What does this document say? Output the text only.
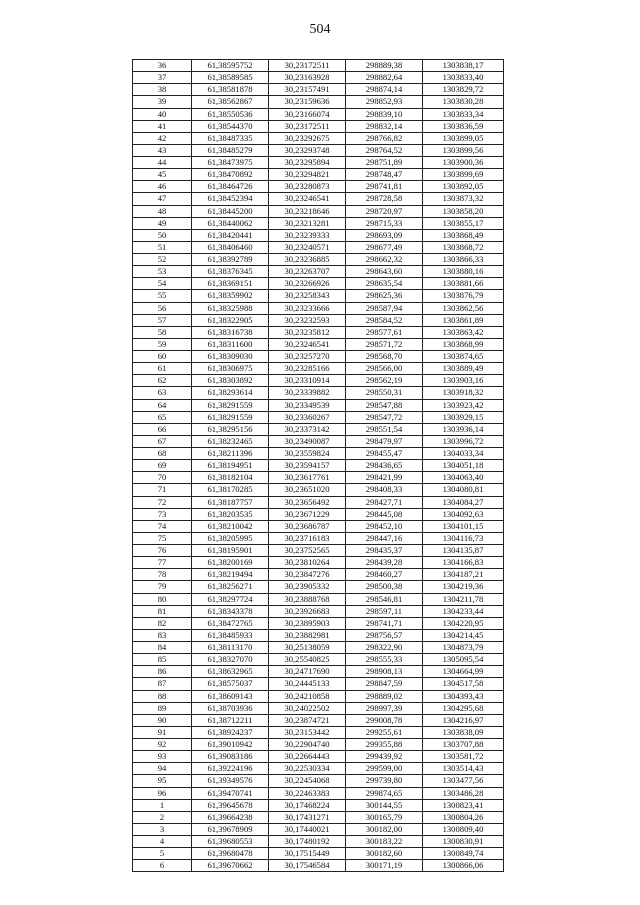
504
36	61,38595752	30,23172511	298889,38	1303838,17
37	61,38589585	30,23163928	298882,64	1303833,40
38	61,38581878	30,23157491	298874,14	1303829,72
39	61,38562867	30,23159636	298852,93	1303830,28
40	61,38550536	30,23166074	298839,10	1303833,34
41	61,38544370	30,23172511	298832,14	1303836,59
42	61,38487335	30,23292675	298766,82	1303899,05
43	61,38485279	30,23293748	298764,52	1303899,56
44	61,38473975	30,23295894	298751,89	1303900,36
45	61,38470892	30,23294821	298748,47	1303899,69
46	61,38464726	30,23280873	298741,81	1303892,05
47	61,38452394	30,23246541	298728,58	1303873,32
48	61,38445200	30,23218646	298720,97	1303858,20
49	61,38440062	30,23213281	298715,33	1303855,17
50	61,38420441	30,23239333	298693,09	1303868,49
51	61,38406460	30,23240571	298677,49	1303868,72
52	61,38392789	30,23236885	298662,32	1303866,33
53	61,38376345	30,23263707	298643,60	1303880,16
54	61,38369151	30,23266926	298635,54	1303881,66
55	61,38359902	30,23258343	298625,36	1303876,79
56	61,38325988	30,23233666	298587,94	1303862,56
57	61,38322905	30,23232593	298584,52	1303861,89
58	61,38316738	30,23235812	298577,61	1303863,42
59	61,38311600	30,23246541	298571,72	1303868,99
60	61,38309030	30,23257270	298568,70	1303874,65
61	61,38306975	30,23285166	298566,00	1303889,49
62	61,38303892	30,23310914	298562,19	1303903,16
63	61,38293614	30,23339882	298550,31	1303918,32
64	61,38291559	30,23349539	298547,88	1303923,42
65	61,38291559	30,23360267	298547,72	1303929,15
66	61,38295156	30,23373142	298551,54	1303936,14
67	61,38232465	30,23490087	298479,97	1303996,72
68	61,38211396	30,23559824	298455,47	1304033,34
69	61,38194951	30,23594157	298436,65	1304051,18
70	61,38182104	30,23617761	298421,99	1304063,40
71	61,38170285	30,23651020	298408,33	1304080,81
72	61,38187757	30,23656492	298427,71	1304084,27
73	61,38203535	30,23671229	298445,08	1304092,63
74	61,38210042	30,23686787	298452,10	1304101,15
75	61,38205995	30,23716183	298447,16	1304116,73
76	61,38195901	30,23752565	298435,37	1304135,87
77	61,38200169	30,23810264	298439,28	1304166,83
78	61,38219494	30,23847276	298460,27	1304187,21
79	61,38256271	30,23905332	298500,38	1304219,36
80	61,38297724	30,23888768	298546,81	1304211,78
81	61,38343378	30,23926683	298597,11	1304233,44
82	61,38472765	30,23895903	298741,71	1304220,95
83	61,38485933	30,23882981	298756,57	1304214,45
84	61,38113170	30,25138059	298322,90	1304873,79
85	61,38327070	30,25540825	298555,33	1305095,54
86	61,38632965	30,24717690	298908,13	1304664,99
87	61,38575037	30,24445133	298847,59	1304517,58
88	61,38609143	30,24210858	298889,02	1304393,43
89	61,38703936	30,24022502	298997,39	1304295,68
90	61,38712211	30,23874721	299008,78	1304216,97
91	61,38924237	30,23153442	299255,61	1303838,09
92	61,39010942	30,22904740	299355,88	1303707,88
93	61,39083186	30,22664443	299439,92	1303581,72
94	61,39224196	30,22530334	299599,00	1303514,43
95	61,39349576	30,22454068	299739,80	1303477,56
96	61,39470741	30,22463383	299874,65	1303486,28
1	61,39645678	30,17468224	300144,55	1300823,41
2	61,39664238	30,17431271	300165,79	1300804,26
3	61,39678909	30,17440021	300182,00	1300809,40
4	61,39680553	30,17480192	300183,22	1300830,91
5	61,39680478	30,17515449	300182,60	1300849,74
6	61,39670662	30,17546584	300171,19	1300866,06
